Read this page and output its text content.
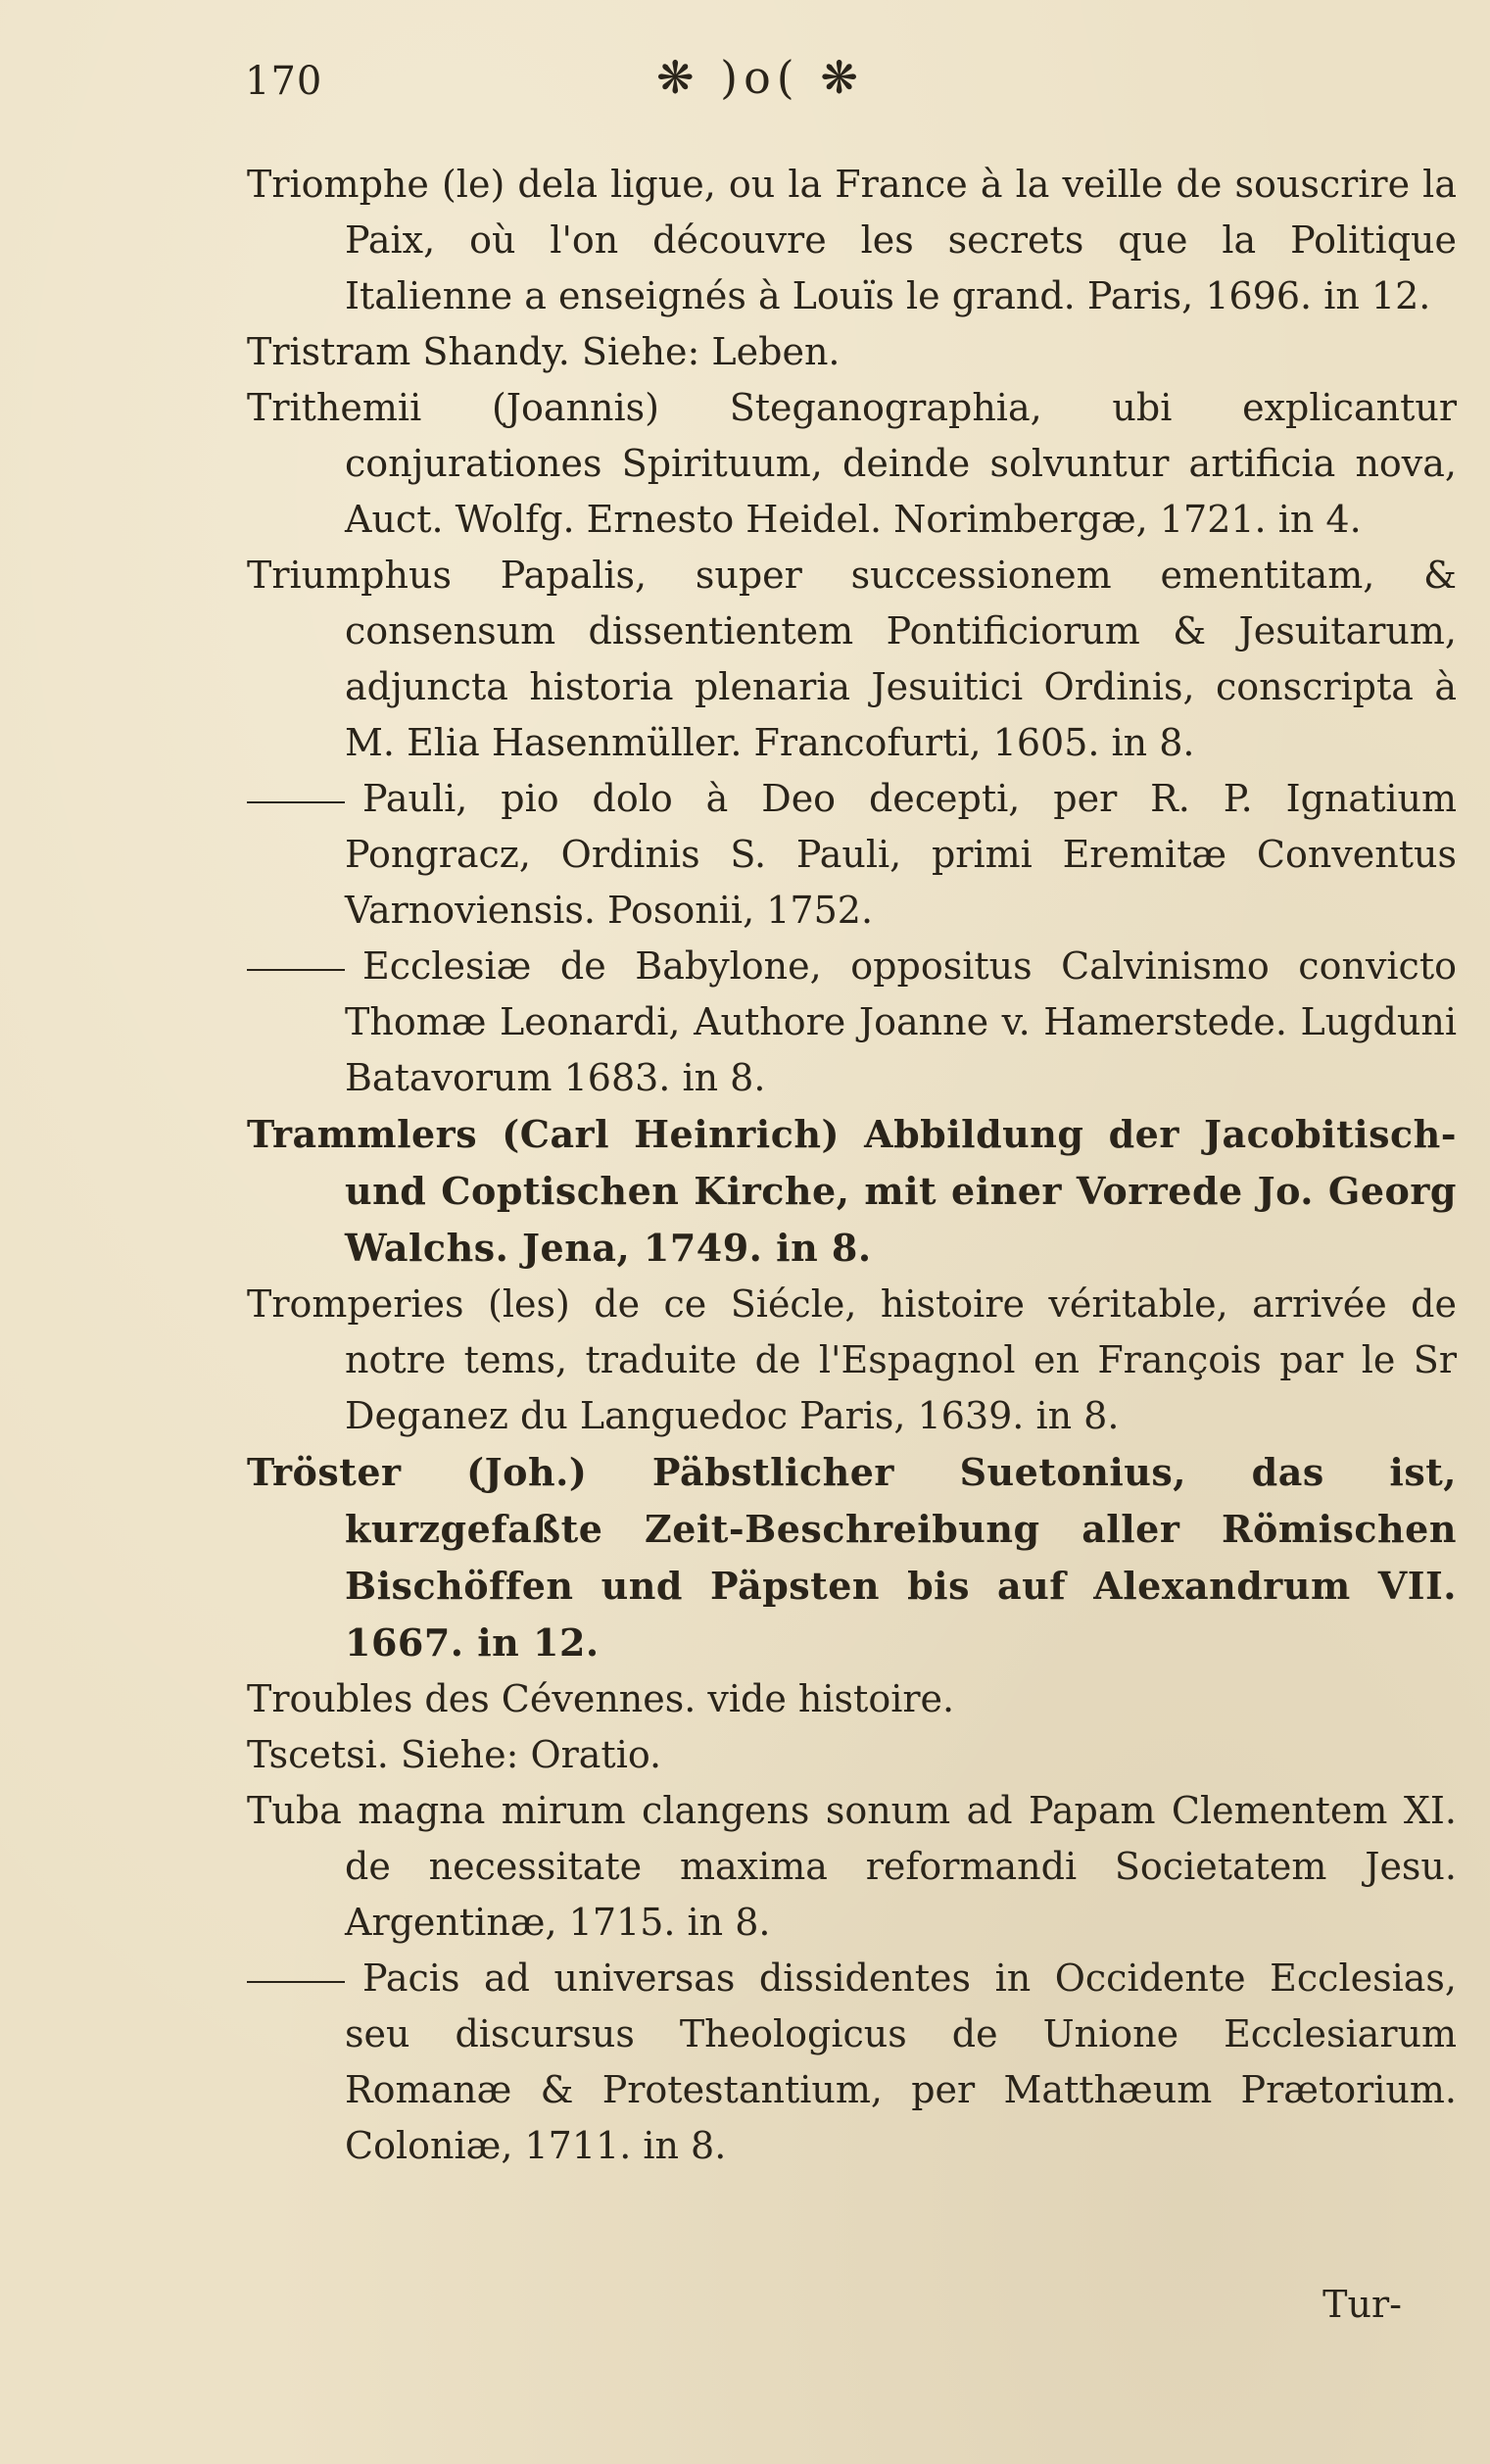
170	❋ )o( ❋

Triomphe (le) dela ligue, ou la France à la veille de souscrire la Paix, où l'on découvre les secrets que la Politique Italienne a enseignés à Louïs le grand. Paris, 1696. in 12.

Tristram Shandy. Siehe: Leben.

Trithemii (Joannis) Steganographia, ubi explicantur conjurationes Spirituum, deinde solvuntur artificia nova, Auct. Wolfg. Ernesto Heidel. Norimbergæ, 1721. in 4.

Triumphus Papalis, super successionem ementitam, & consensum dissentientem Pontificiorum & Jesuitarum, adjuncta historia plenaria Jesuitici Ordinis, conscripta à M. Elia Hasenmüller. Francofurti, 1605. in 8.

Pauli, pio dolo à Deo decepti, per R. P. Ignatium Pongracz, Ordinis S. Pauli, primi Eremitæ Conventus Varnoviensis. Posonii, 1752.

Ecclesiæ de Babylone, oppositus Calvinismo convicto Thomæ Leonardi, Authore Joanne v. Hamerstede. Lugduni Batavorum 1683. in 8.

Trammlers (Carl Heinrich) Abbildung der Jacobitisch- und Coptischen Kirche, mit einer Vorrede Jo. Georg Walchs. Jena, 1749. in 8.

Tromperies (les) de ce Siécle, histoire véritable, arrivée de notre tems, traduite de l'Espagnol en François par le Sr Deganez du Languedoc Paris, 1639. in 8.

Tröster (Joh.) Päbstlicher Suetonius, das ist, kurzgefaßte Zeit-Beschreibung aller Römischen Bischöffen und Päpsten bis auf Alexandrum VII. 1667. in 12.

Troubles des Cévennes. vide histoire.

Tscetsi. Siehe: Oratio.

Tuba magna mirum clangens sonum ad Papam Clementem XI. de necessitate maxima reformandi Societatem Jesu. Argentinæ, 1715. in 8.

Pacis ad universas dissidentes in Occidente Ecclesias, seu discursus Theologicus de Unione Ecclesiarum Romanæ & Protestantium, per Matthæum Prætorium. Coloniæ, 1711. in 8.

Tur-
